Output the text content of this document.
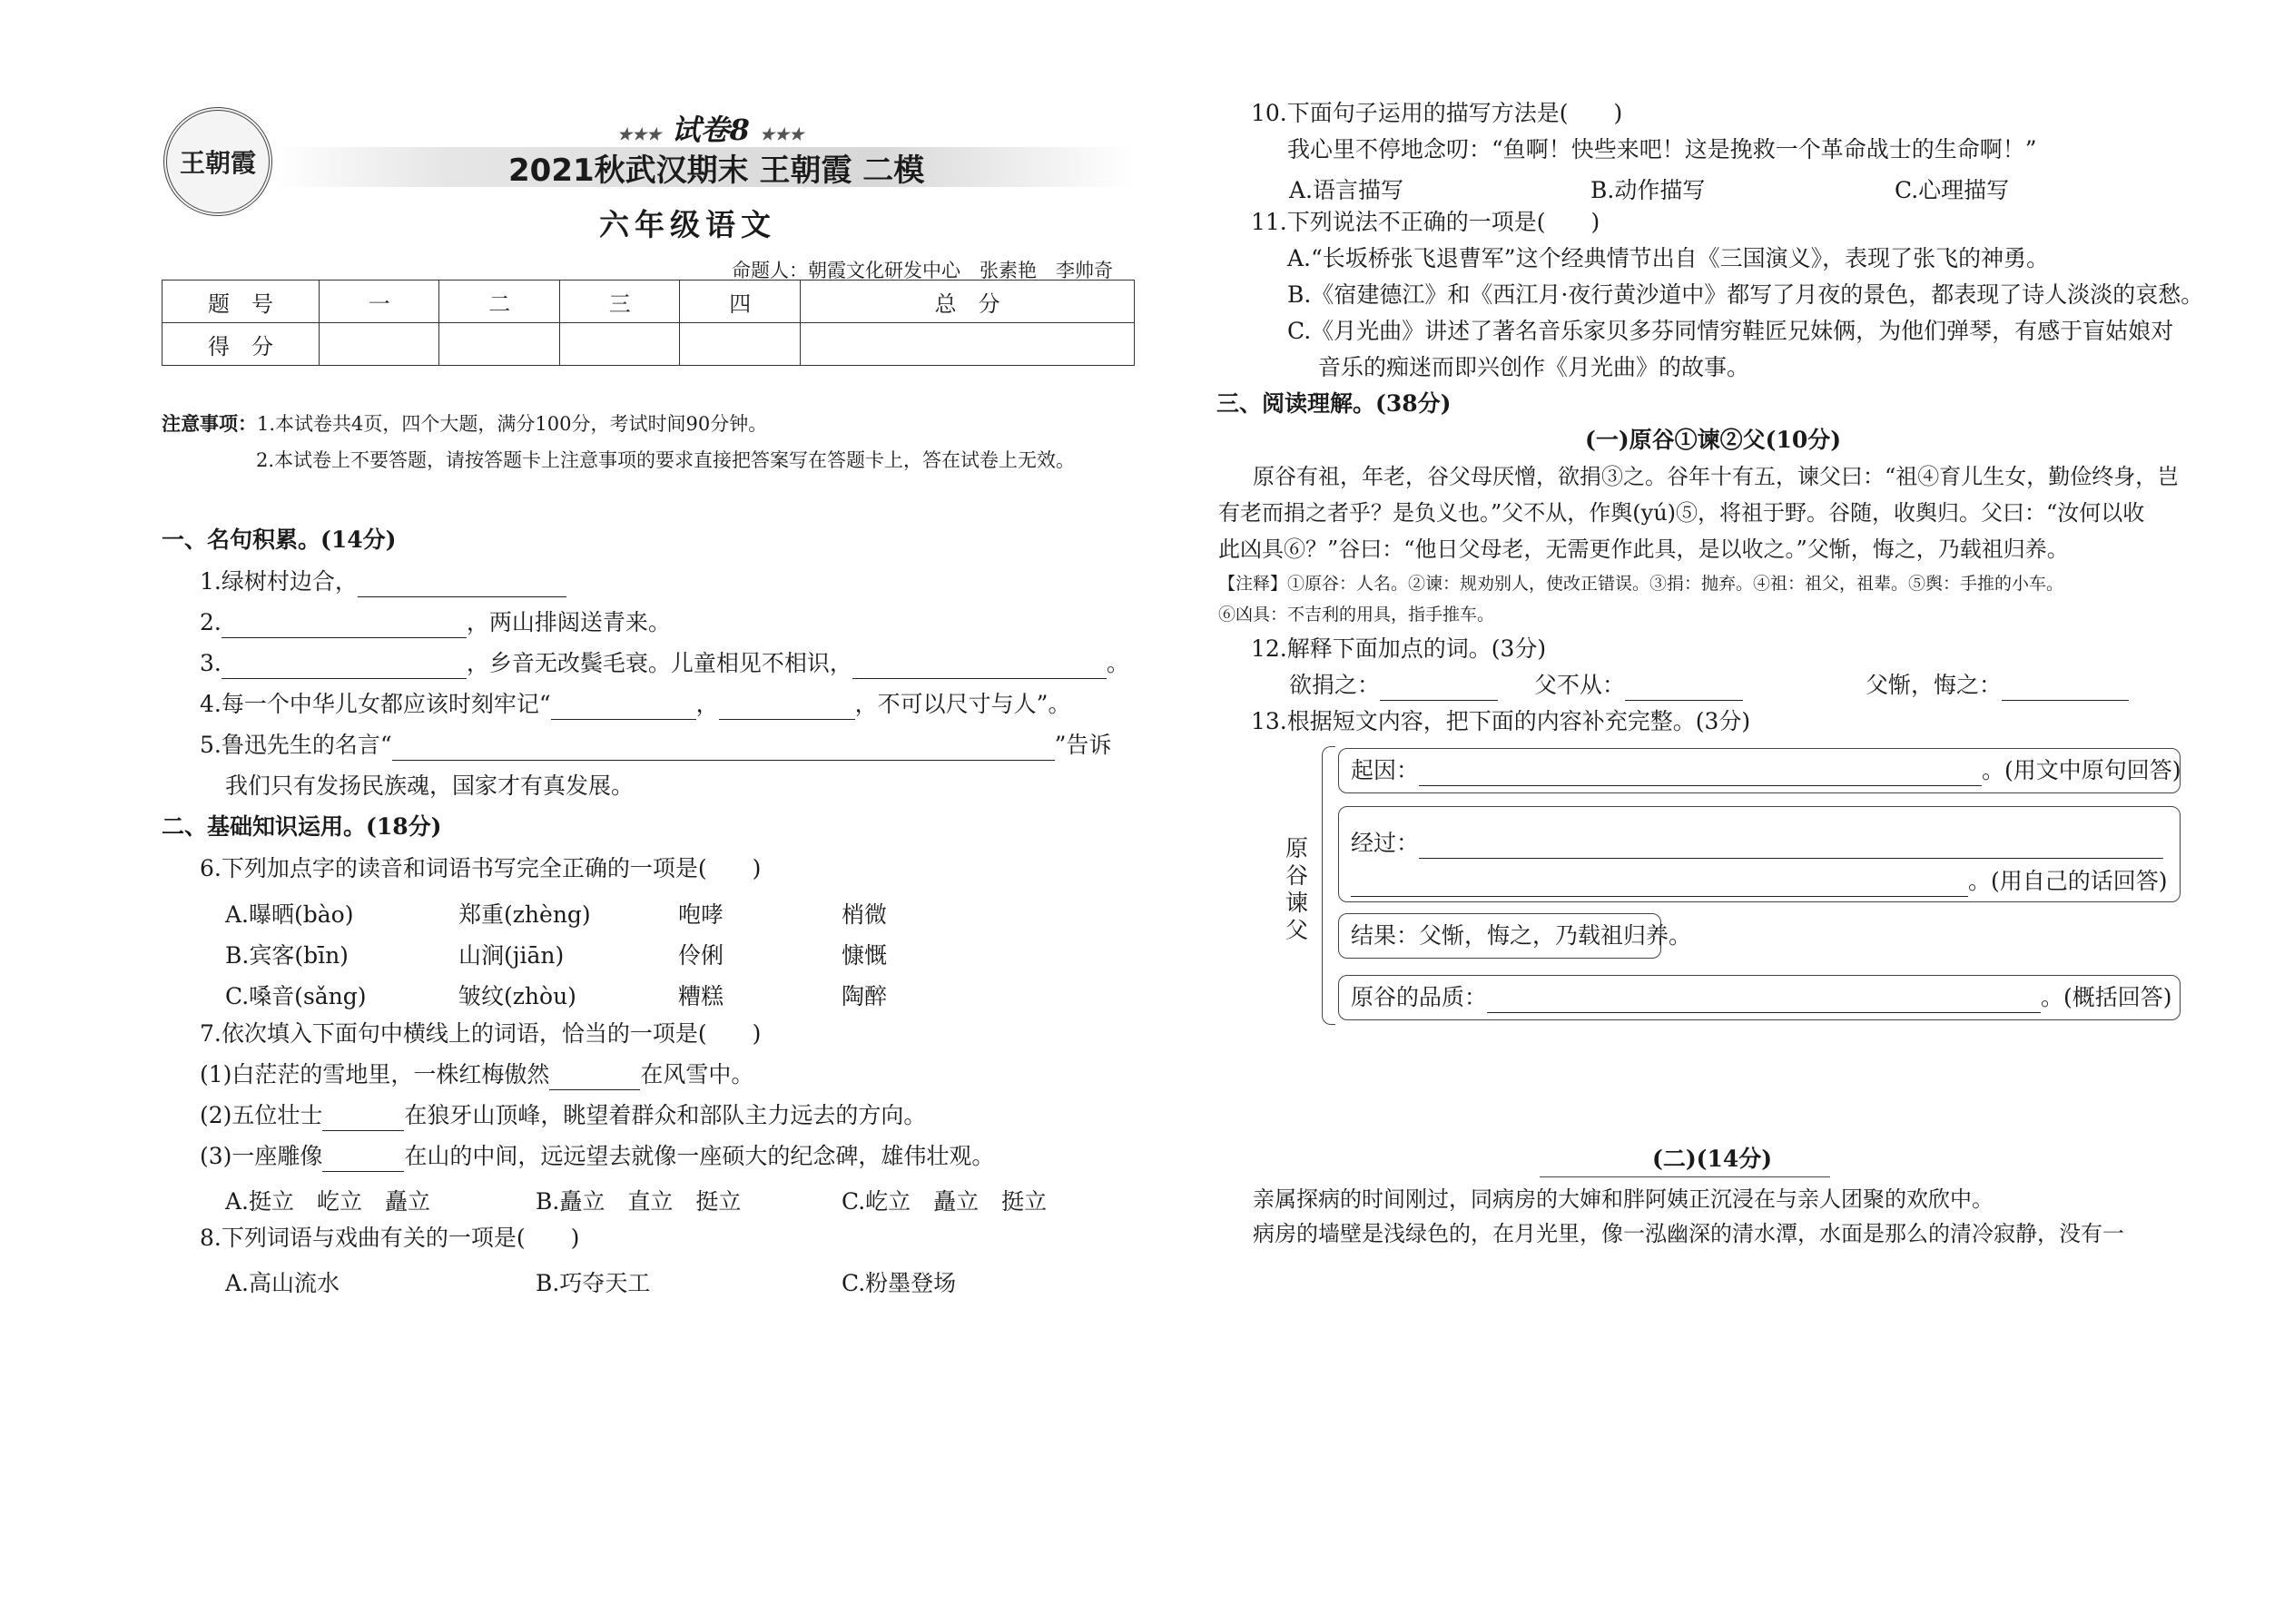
王朝霞
★★★ 试卷8 ★★★
2021秋武汉期末 王朝霞 二模
六年级语文
命题人：朝霞文化研发中心　张素艳　李帅奇
题　号	一	二	三	四	总　分
得　分					
注意事项：1.本试卷共4页，四个大题，满分100分，考试时间90分钟。
2.本试卷上不要答题，请按答题卡上注意事项的要求直接把答案写在答题卡上，答在试卷上无效。
一、名句积累。(14分)
1.绿树村边合，
2.	，两山排闼送青来。
3.	，乡音无改鬓毛衰。儿童相见不相识，	。
4.每一个中华儿女都应该时刻牢记“	，	，不可以尺寸与人”。
5.鲁迅先生的名言“	”告诉
我们只有发扬民族魂，国家才有真发展。
二、基础知识运用。(18分)
6.下列加点字的读音和词语书写完全正确的一项是(　　)
A.曝晒(bào)	郑重(zhèng)	咆哮	梢微
B.宾客(bīn)	山涧(jiān)	伶俐	慷慨
C.嗓音(sǎng)	皱纹(zhòu)	糟糕	陶醉
7.依次填入下面句中横线上的词语，恰当的一项是(　　)
(1)白茫茫的雪地里，一株红梅傲然	在风雪中。
(2)五位壮士	在狼牙山顶峰，眺望着群众和部队主力远去的方向。
(3)一座雕像	在山的中间，远远望去就像一座硕大的纪念碑，雄伟壮观。
A.挺立　屹立　矗立	B.矗立　直立　挺立	C.屹立　矗立　挺立
8.下列词语与戏曲有关的一项是(　　)
A.高山流水	B.巧夺天工	C.粉墨登场
10.下面句子运用的描写方法是(　　)
我心里不停地念叨：“鱼啊！快些来吧！这是挽救一个革命战士的生命啊！”
A.语言描写	B.动作描写	C.心理描写
11.下列说法不正确的一项是(　　)
A.“长坂桥张飞退曹军”这个经典情节出自《三国演义》，表现了张飞的神勇。
B.《宿建德江》和《西江月·夜行黄沙道中》都写了月夜的景色，都表现了诗人淡淡的哀愁。
C.《月光曲》讲述了著名音乐家贝多芬同情穷鞋匠兄妹俩，为他们弹琴，有感于盲姑娘对
音乐的痴迷而即兴创作《月光曲》的故事。
三、阅读理解。(38分)
(一)原谷①谏②父(10分)
原谷有祖，年老，谷父母厌憎，欲捐③之。谷年十有五，谏父曰：“祖④育儿生女，勤俭终身，岂
有老而捐之者乎？是负义也。”父不从，作舆(yú)⑤，将祖于野。谷随，收舆归。父曰：“汝何以收
此凶具⑥？”谷曰：“他日父母老，无需更作此具，是以收之。”父惭，悔之，乃载祖归养。
【注释】①原谷：人名。②谏：规劝别人，使改正错误。③捐：抛弃。④祖：祖父，祖辈。⑤舆：手推的小车。
⑥凶具：不吉利的用具，指手推车。
12.解释下面加点的词。(3分)
欲捐之：	父不从：	父惭，悔之：
13.根据短文内容，把下面的内容补充完整。(3分)
原谷谏父
起因：	。(用文中原句回答)
经过：
。(用自己的话回答)
结果：父惭，悔之，乃载祖归养。
原谷的品质：	。(概括回答)
(二)(14分)
亲属探病的时间刚过，同病房的大婶和胖阿姨正沉浸在与亲人团聚的欢欣中。
病房的墙壁是浅绿色的，在月光里，像一泓幽深的清水潭，水面是那么的清冷寂静，没有一
